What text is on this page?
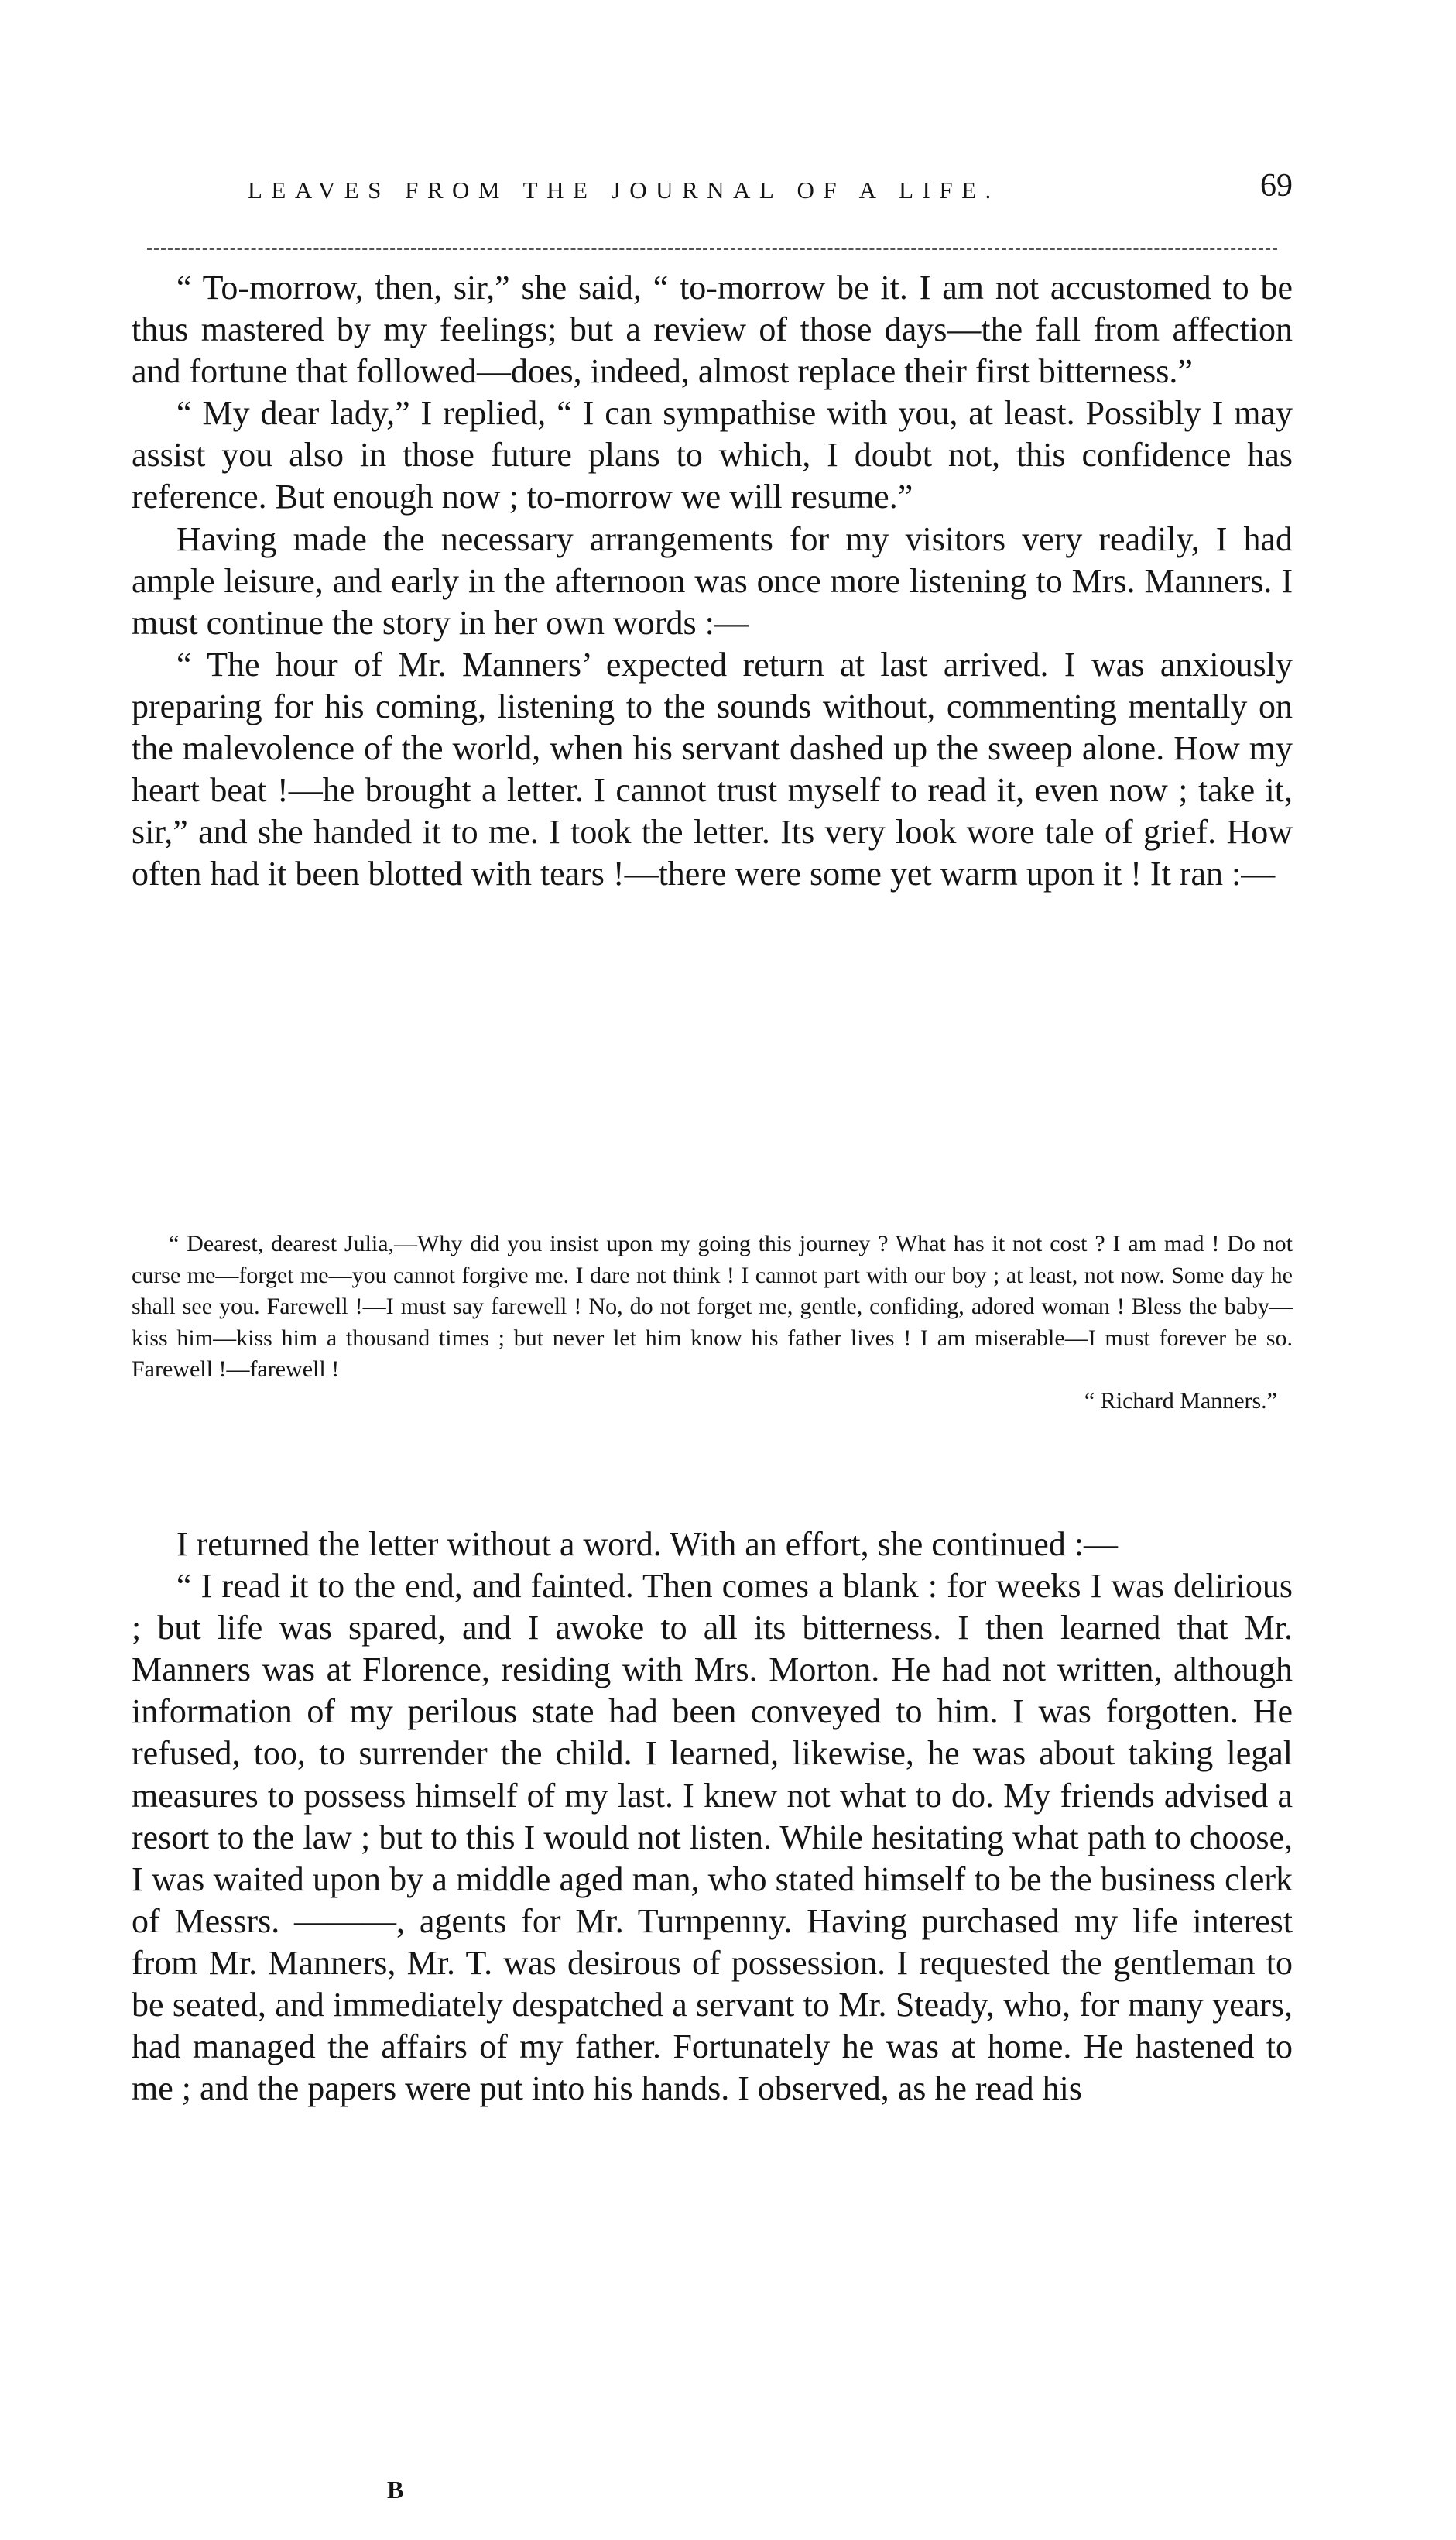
LEAVES FROM THE JOURNAL OF A LIFE.	69

“ To-morrow, then, sir,” she said, “ to-morrow be it. I am not accustomed to be thus mastered by my feelings; but a review of those days—the fall from affection and fortune that followed—does, indeed, almost replace their first bitterness.”

“ My dear lady,” I replied, “ I can sympathise with you, at least. Possibly I may assist you also in those future plans to which, I doubt not, this confidence has reference. But enough now ; to-morrow we will resume.”

Having made the necessary arrangements for my visitors very readily, I had ample leisure, and early in the afternoon was once more listening to Mrs. Manners. I must continue the story in her own words :—

“ The hour of Mr. Manners’ expected return at last arrived. I was anxiously preparing for his coming, listening to the sounds without, commenting mentally on the malevolence of the world, when his servant dashed up the sweep alone. How my heart beat !—he brought a letter. I cannot trust myself to read it, even now ; take it, sir,” and she handed it to me. I took the letter. Its very look wore tale of grief. How often had it been blotted with tears !—there were some yet warm upon it ! It ran :—

“ Dearest, dearest Julia,—Why did you insist upon my going this journey ? What has it not cost ? I am mad ! Do not curse me—forget me—you cannot forgive me. I dare not think ! I cannot part with our boy ; at least, not now. Some day he shall see you. Farewell !—I must say farewell ! No, do not forget me, gentle, confiding, adored woman ! Bless the baby—kiss him—kiss him a thousand times ; but never let him know his father lives ! I am miserable—I must forever be so. Farewell !—farewell !

“ Richard Manners.”

I returned the letter without a word. With an effort, she continued :—

“ I read it to the end, and fainted. Then comes a blank : for weeks I was delirious ; but life was spared, and I awoke to all its bitterness. I then learned that Mr. Manners was at Florence, residing with Mrs. Morton. He had not written, although information of my perilous state had been conveyed to him. I was forgotten. He refused, too, to surrender the child. I learned, likewise, he was about taking legal measures to possess himself of my last. I knew not what to do. My friends advised a resort to the law ; but to this I would not listen. While hesitating what path to choose, I was waited upon by a middle aged man, who stated himself to be the business clerk of Messrs. ———, agents for Mr. Turnpenny. Having purchased my life interest from Mr. Manners, Mr. T. was desirous of possession. I requested the gentleman to be seated, and immediately despatched a servant to Mr. Steady, who, for many years, had managed the affairs of my father. Fortunately he was at home. He hastened to me ; and the papers were put into his hands. I observed, as he read his

B
